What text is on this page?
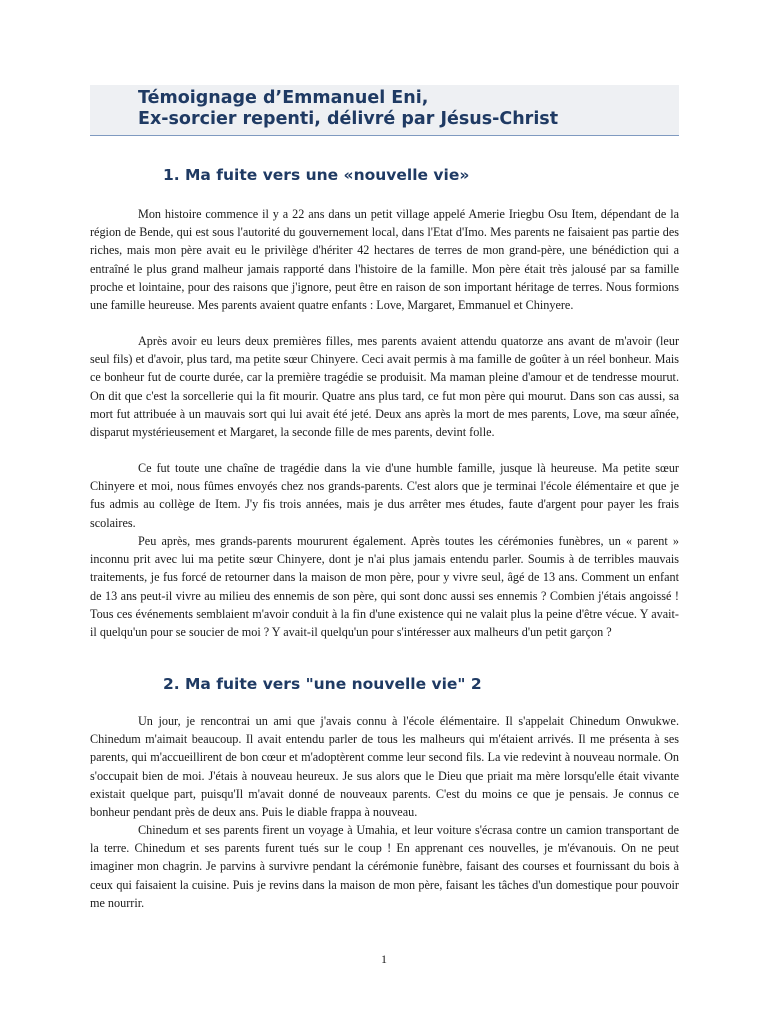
Témoignage d’Emmanuel Eni,
Ex-sorcier repenti, délivré par Jésus-Christ
1. Ma fuite vers une «nouvelle vie»

Mon histoire commence il y a 22 ans dans un petit village appelé Amerie Iriegbu Osu Item, dépendant de la région de Bende, qui est sous l'autorité du gouvernement local, dans l'Etat d'Imo. Mes parents ne faisaient pas partie des riches, mais mon père avait eu le privilège d'hériter 42 hectares de terres de mon grand-père, une bénédiction qui a entraîné le plus grand malheur jamais rapporté dans l'histoire de la famille. Mon père était très jalousé par sa famille proche et lointaine, pour des raisons que j'ignore, peut être en raison de son important héritage de terres. Nous formions une famille heureuse. Mes parents avaient quatre enfants : Love, Margaret, Emmanuel et Chinyere.

Après avoir eu leurs deux premières filles, mes parents avaient attendu quatorze ans avant de m'avoir (leur seul fils) et d'avoir, plus tard, ma petite sœur Chinyere. Ceci avait permis à ma famille de goûter à un réel bonheur. Mais ce bonheur fut de courte durée, car la première tragédie se produisit. Ma maman pleine d'amour et de tendresse mourut. On dit que c'est la sorcellerie qui la fit mourir. Quatre ans plus tard, ce fut mon père qui mourut. Dans son cas aussi, sa mort fut attribuée à un mauvais sort qui lui avait été jeté. Deux ans après la mort de mes parents, Love, ma sœur aînée, disparut mystérieusement et Margaret, la seconde fille de mes parents, devint folle.

Ce fut toute une chaîne de tragédie dans la vie d'une humble famille, jusque là heureuse. Ma petite sœur Chinyere et moi, nous fûmes envoyés chez nos grands-parents. C'est alors que je terminai l'école élémentaire et que je fus admis au collège de Item. J'y fis trois années, mais je dus arrêter mes études, faute d'argent pour payer les frais scolaires.

Peu après, mes grands-parents moururent également. Après toutes les cérémonies funèbres, un « parent » inconnu prit avec lui ma petite sœur Chinyere, dont je n'ai plus jamais entendu parler. Soumis à de terribles mauvais traitements, je fus forcé de retourner dans la maison de mon père, pour y vivre seul, âgé de 13 ans. Comment un enfant de 13 ans peut-il vivre au milieu des ennemis de son père, qui sont donc aussi ses ennemis ? Combien j'étais angoissé ! Tous ces événements semblaient m'avoir conduit à la fin d'une existence qui ne valait plus la peine d'être vécue. Y avait-il quelqu'un pour se soucier de moi ? Y avait-il quelqu'un pour s'intéresser aux malheurs d'un petit garçon ?

2. Ma fuite vers "une nouvelle vie" 2

Un jour, je rencontrai un ami que j'avais connu à l'école élémentaire. Il s'appelait Chinedum Onwukwe. Chinedum m'aimait beaucoup. Il avait entendu parler de tous les malheurs qui m'étaient arrivés. Il me présenta à ses parents, qui m'accueillirent de bon cœur et m'adoptèrent comme leur second fils. La vie redevint à nouveau normale. On s'occupait bien de moi. J'étais à nouveau heureux. Je sus alors que le Dieu que priait ma mère lorsqu'elle était vivante existait quelque part, puisqu'Il m'avait donné de nouveaux parents. C'est du moins ce que je pensais. Je connus ce bonheur pendant près de deux ans. Puis le diable frappa à nouveau.

Chinedum et ses parents firent un voyage à Umahia, et leur voiture s'écrasa contre un camion transportant de la terre. Chinedum et ses parents furent tués sur le coup ! En apprenant ces nouvelles, je m'évanouis. On ne peut imaginer mon chagrin. Je parvins à survivre pendant la cérémonie funèbre, faisant des courses et fournissant du bois à ceux qui faisaient la cuisine. Puis je revins dans la maison de mon père, faisant les tâches d'un domestique pour pouvoir me nourrir.

1
